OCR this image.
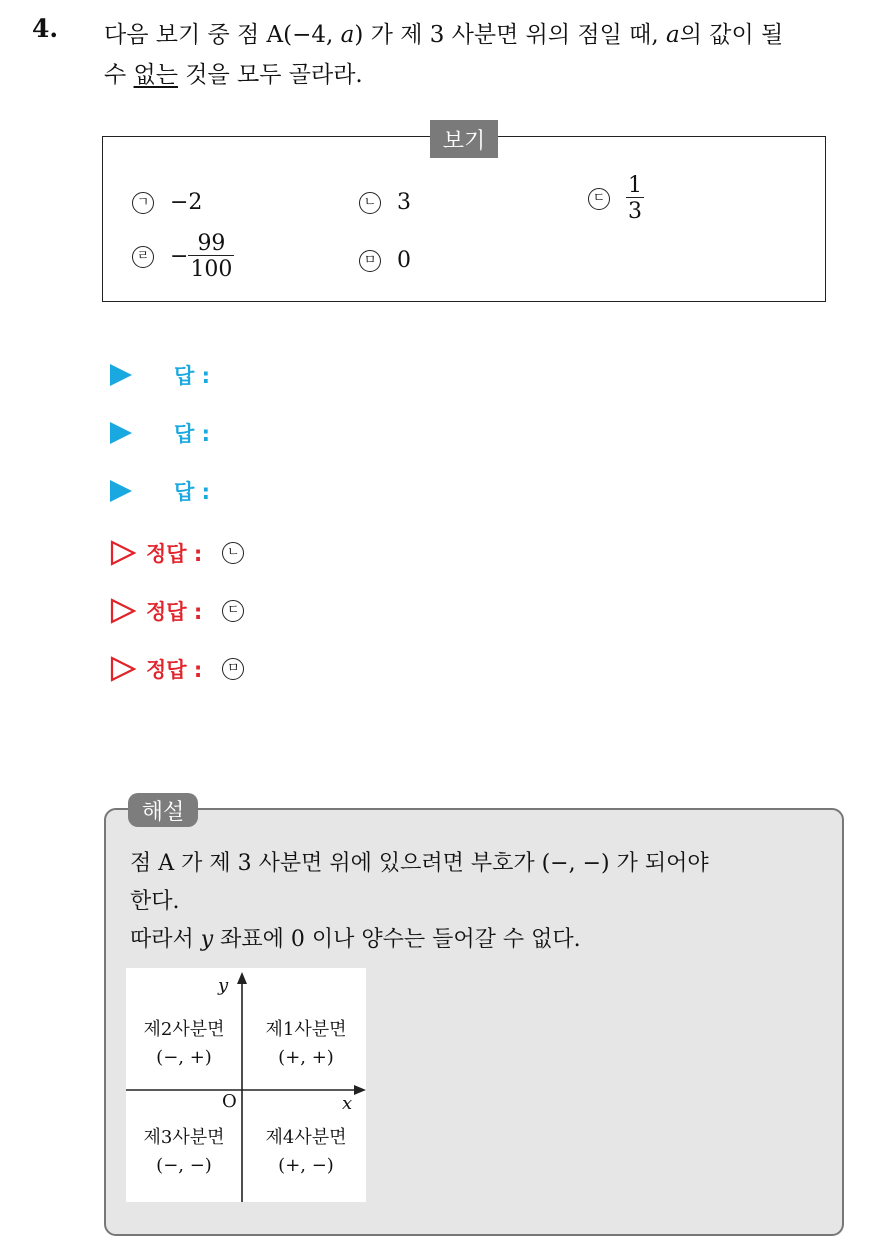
4. 다음 보기 중 점 A(−4, a) 가 제 3 사분면 위의 점일 때, a의 값이 될
수 없는 것을 모두 골라라.
보기
ㄱ −2	ㄴ 3	ㄷ $\frac{1}{3}$
ㄹ − $\frac{99}{100}$	ㅁ 0
답 :
답 :
답 :
정답 :	ㄴ
정답 :	ㄷ
정답 :	ㅁ
해설
점 A 가 제 3 사분면 위에 있으려면 부호가 (−, −) 가 되어야
한다.
따라서 y 좌표에 0 이나 양수는 들어갈 수 없다.
y
x
O
제2사분면
(−, +)
제1사분면
(+, +)
제3사분면
(−, −)
제4사분면
(+, −)
